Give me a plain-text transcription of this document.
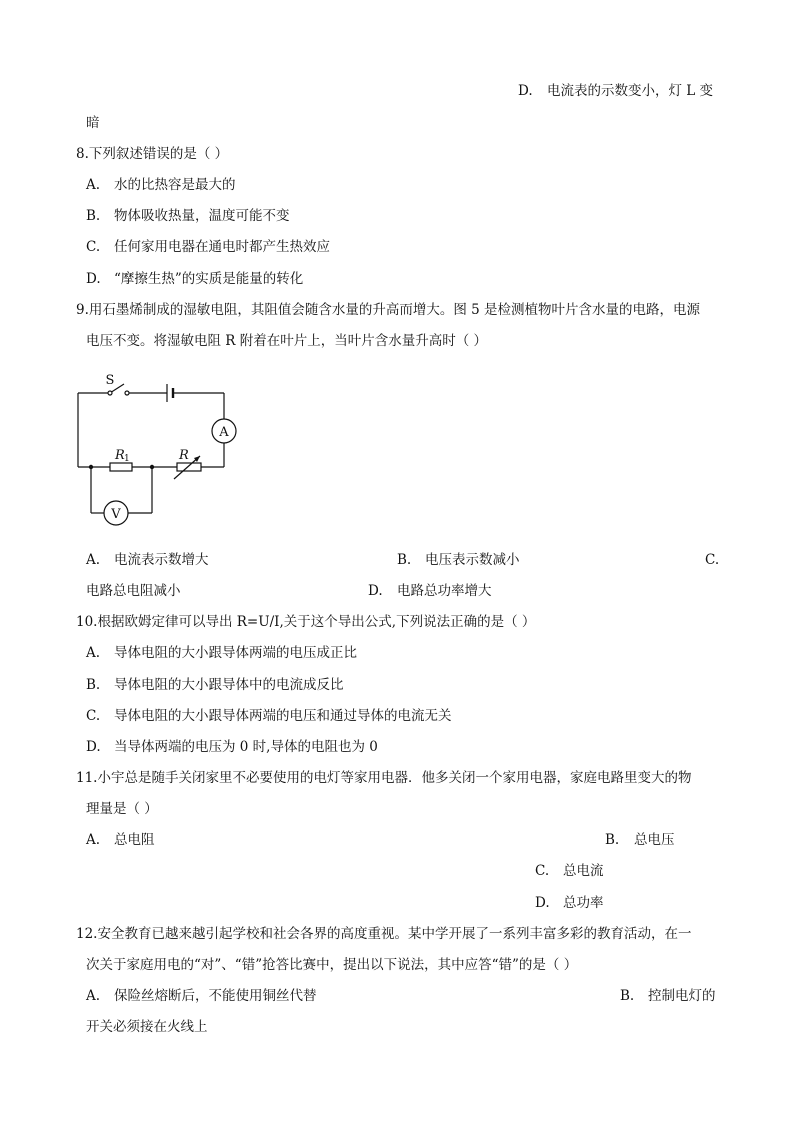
D. 电流表的示数变小，灯 L 变
暗
8.下列叙述错误的是（ ）
A. 水的比热容是最大的
B. 物体吸收热量，温度可能不变
C. 任何家用电器在通电时都产生热效应
D. “摩擦生热”的实质是能量的转化
9.用石墨烯制成的湿敏电阻，其阻值会随含水量的升高而增大。图 5 是检测植物叶片含水量的电路，电源
电压不变。将湿敏电阻 R 附着在叶片上，当叶片含水量升高时（ ）
S
A
V
R 1	R
A. 电流表示数增大	B. 电压表示数减小	C.
电路总电阻减小	D. 电路总功率增大
10.根据欧姆定律可以导出 R=U/I,关于这个导出公式,下列说法正确的是（ ）
A. 导体电阻的大小跟导体两端的电压成正比
B. 导体电阻的大小跟导体中的电流成反比
C. 导体电阻的大小跟导体两端的电压和通过导体的电流无关
D. 当导体两端的电压为 0 时,导体的电阻也为 0
11.小宇总是随手关闭家里不必要使用的电灯等家用电器．他多关闭一个家用电器，家庭电路里变大的物
理量是（ ）
A. 总电阻	B. 总电压
C. 总电流
D. 总功率
12.安全教育已越来越引起学校和社会各界的高度重视。某中学开展了一系列丰富多彩的教育活动，在一
次关于家庭用电的“对”、“错”抢答比赛中，提出以下说法，其中应答“错”的是（ ）
A. 保险丝熔断后，不能使用铜丝代替	B. 控制电灯的
开关必须接在火线上
